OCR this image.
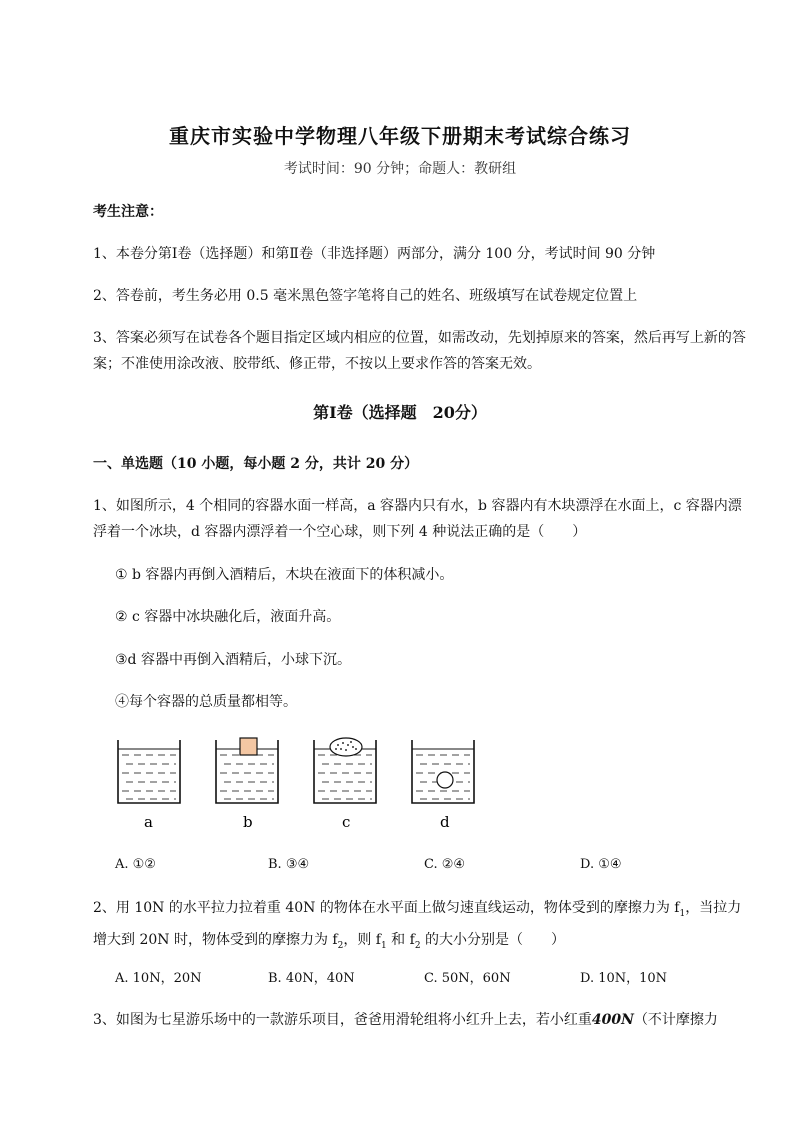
重庆市实验中学物理八年级下册期末考试综合练习
考试时间：90 分钟；命题人：教研组
考生注意：
1、本卷分第Ⅰ卷（选择题）和第Ⅱ卷（非选择题）两部分，满分 100 分，考试时间 90 分钟
2、答卷前，考生务必用 0.5 毫米黑色签字笔将自己的姓名、班级填写在试卷规定位置上
3、答案必须写在试卷各个题目指定区域内相应的位置，如需改动，先划掉原来的答案，然后再写上新的答案；不准使用涂改液、胶带纸、修正带，不按以上要求作答的答案无效。
第Ⅰ卷（选择题　20分）
一、单选题（10 小题，每小题 2 分，共计 20 分）
1、如图所示，4 个相同的容器水面一样高，a 容器内只有水，b 容器内有木块漂浮在水面上，c 容器内漂浮着一个冰块，d 容器内漂浮着一个空心球，则下列 4 种说法正确的是（　　）
① b 容器内再倒入酒精后，木块在液面下的体积减小。
② c 容器中冰块融化后，液面升高。
③d 容器中再倒入酒精后，小球下沉。
④每个容器的总质量都相等。
a	b	c	d
A. ①②	B. ③④	C. ②④	D. ①④
2、用 10N 的水平拉力拉着重 40N 的物体在水平面上做匀速直线运动，物体受到的摩擦力为 $f_1$，当拉力增大到 20N 时，物体受到的摩擦力为 $f_2$，则 $f_1$ 和 $f_2$ 的大小分别是（　　）
A. 10N，20N	B. 40N，40N	C. 50N，60N	D. 10N，10N
3、如图为七星游乐场中的一款游乐项目，爸爸用滑轮组将小红升上去，若小红重400N（不计摩擦力
